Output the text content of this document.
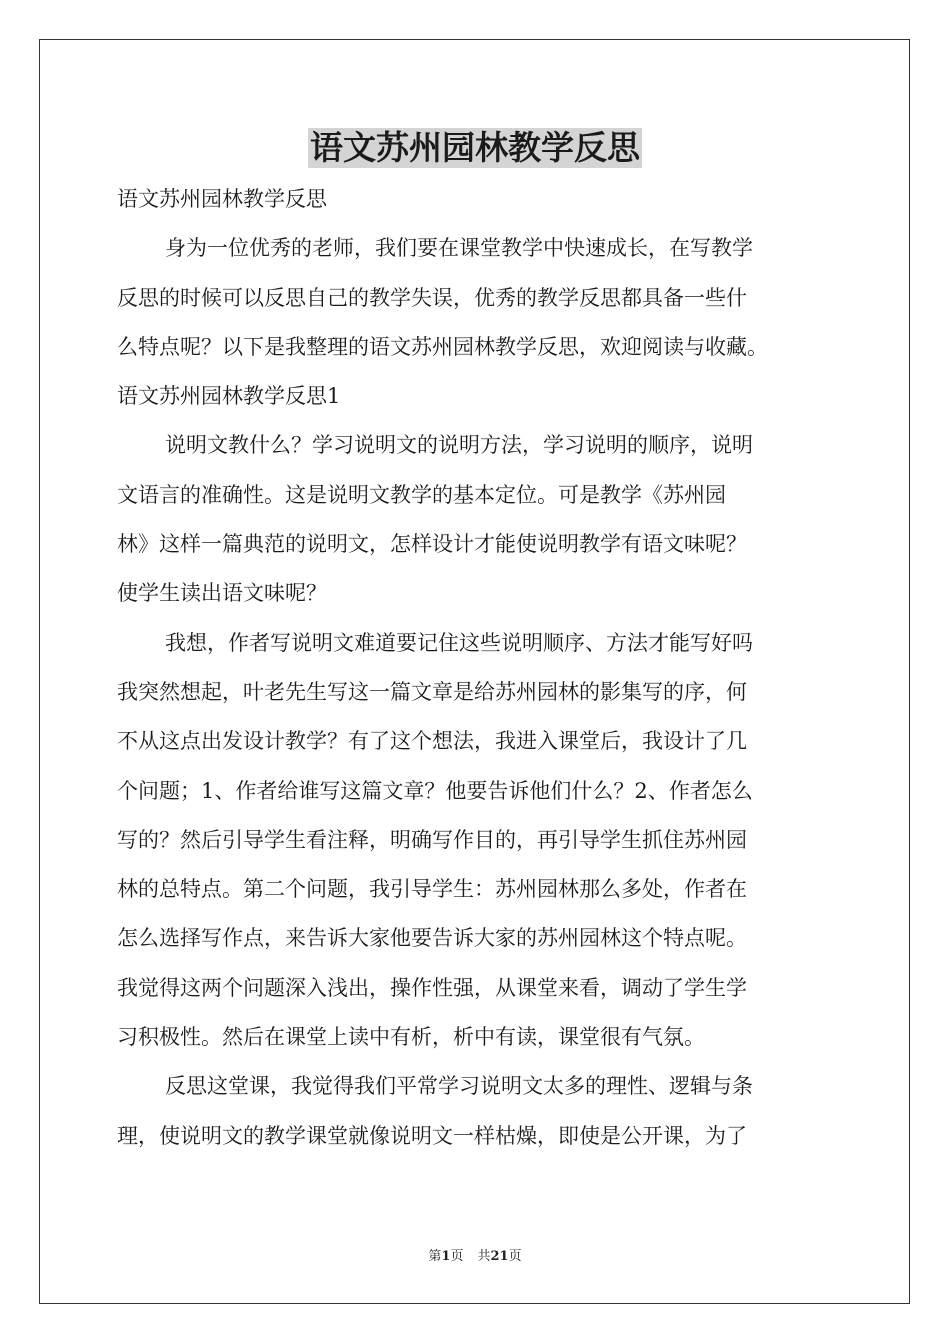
语文苏州园林教学反思
语文苏州园林教学反思
身为一位优秀的老师，我们要在课堂教学中快速成长，在写教学
反思的时候可以反思自己的教学失误，优秀的教学反思都具备一些什
么特点呢？以下是我整理的语文苏州园林教学反思，欢迎阅读与收藏。
语文苏州园林教学反思1
说明文教什么？学习说明文的说明方法，学习说明的顺序，说明
文语言的准确性。这是说明文教学的基本定位。可是教学《苏州园
林》这样一篇典范的说明文，怎样设计才能使说明教学有语文味呢？
使学生读出语文味呢？
我想，作者写说明文难道要记住这些说明顺序、方法才能写好吗
我突然想起，叶老先生写这一篇文章是给苏州园林的影集写的序，何
不从这点出发设计教学？有了这个想法，我进入课堂后，我设计了几
个问题；1、作者给谁写这篇文章？他要告诉他们什么？2、作者怎么
写的？然后引导学生看注释，明确写作目的，再引导学生抓住苏州园
林的总特点。第二个问题，我引导学生：苏州园林那么多处，作者在
怎么选择写作点，来告诉大家他要告诉大家的苏州园林这个特点呢。
我觉得这两个问题深入浅出，操作性强，从课堂来看，调动了学生学
习积极性。然后在课堂上读中有析，析中有读，课堂很有气氛。
反思这堂课，我觉得我们平常学习说明文太多的理性、逻辑与条
理，使说明文的教学课堂就像说明文一样枯燥，即使是公开课，为了
第1页 共21页
